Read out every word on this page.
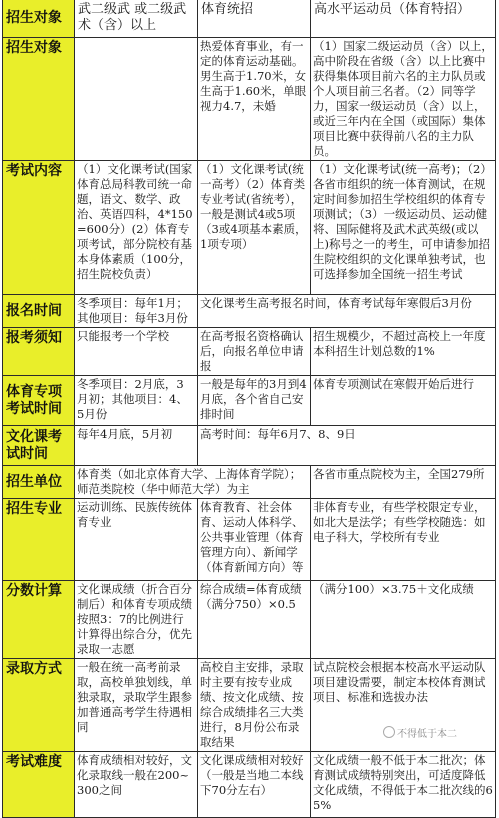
招生对象	武二级武 或二级武 术（含）以上	体育统招	高水平运动员（体育特招）
招生对象		热爱体育事业，有一定的体育运动基础。男生高于1.70米，女生高于1.60米，单眼视力4.7，未婚	（1）国家二级运动员（含）以上，高中阶段在省级（含）以上比赛中获得集体项目前六名的主力队员或个人项目前三名者。（2）同等学力，国家一级运动员（含）以上，或近三年内在全国（或国际）集体项目比赛中获得前八名的主力队员。
考试内容	（1）文化课考试(国家体育总局科教司统一命题，语文、数学、政治、英语四科，4*150=600分）(2）体育专项考试，部分院校有基本身体素质（100分，招生院校负责）	（1）文化课考试(统一高考）（2）体育类专业考试(省统考），一般是测试4或5项（3或4项基本素质，1项专项）	（1）文化课考试(统一高考)；（2）各省市组织的统一体育测试，在规定时间参加招生学校组织的体育专项测试；（3）一级运动员、运动健将、国际健将及武术武英级(或以上)称号之一的考生，可申请参加招生院校组织的文化课单独考试，也可选择参加全国统一招生考试
报名时间	冬季项目：每年1月；其他项目：每年3月份	文化课考生高考报名时间，体育考试每年寒假后3月份	
报考须知	只能报考一个学校	在高考报名资格确认后，向报名单位申请报	招生规模少，不超过高校上一年度本科招生计划总数的1%
体育专项考试时间	冬季项目：2月底，3月初；其他项目：4、5月份	一般是每年的3月到4月底，各个省自己安排时间	体育专项测试在寒假开始后进行
文化课考试时间	每年4月底，5月初	高考时间：每年6月7、8、9日	
招生单位	体育类（如北京体育大学、上海体育学院）；师范类院校（华中师范大学）为主		各省市重点院校为主，全国279所
招生专业	运动训练、民族传统体育专业	体育教育、社会体育、运动人体科学、公共事业管理（体育管理方向）、新闻学（体育新闻方向）等	非体育专业，有些学校限定专业，如北大是法学；有些学校随选：如电子科大，学校所有专业
分数计算	文化课成绩（折合百分制后）和体育专项成绩按照3：7的比例进行计算得出综合分，优先录取一志愿	综合成绩=体育成绩（满分750）×0.5	（满分100）×3.75＋文化成绩
录取方式	一般在统一高考前录取，高校单独划线，单独录取，录取学生跟参加普通高考学生待遇相同	高校自主安排，录取时主要有按专业成绩、按文化成绩、按综合成绩排名三大类进行，8月份公布录取结果	试点院校会根据本校高水平运动队项目建设需要，制定本校体育测试项目、标准和选拔办法
考试难度	体育成绩相对较好，文化录取线一般在200~300之间	文化课成绩相对较好（一般是当地二本线下70分左右）	文化成绩一般不低于本二批次；体育测试成绩特别突出，可适度降低文化成绩，不得低于本二批次线的65%
不得低于本二
